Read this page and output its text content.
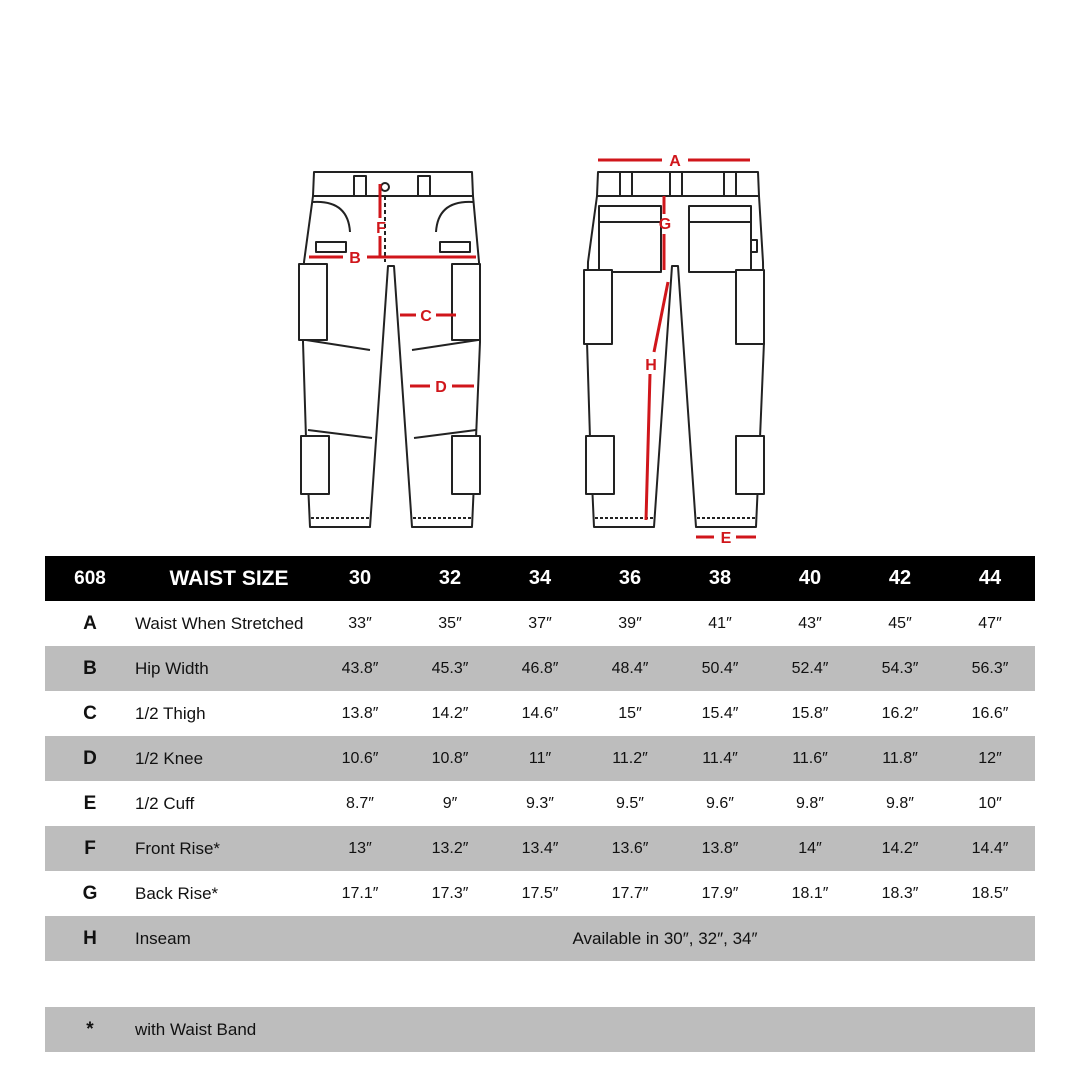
B
F
C
D
A
G
H
E
608	WAIST SIZE	30	32	34	36	38	40	42	44
A	Waist When Stretched	33″	35″	37″	39″	41″	43″	45″	47″
B	Hip Width	43.8″	45.3″	46.8″	48.4″	50.4″	52.4″	54.3″	56.3″
C	1/2 Thigh	13.8″	14.2″	14.6″	15″	15.4″	15.8″	16.2″	16.6″
D	1/2 Knee	10.6″	10.8″	11″	11.2″	11.4″	11.6″	11.8″	12″
E	1/2 Cuff	8.7″	9″	9.3″	9.5″	9.6″	9.8″	9.8″	10″
F	Front Rise*	13″	13.2″	13.4″	13.6″	13.8″	14″	14.2″	14.4″
G	Back Rise*	17.1″	17.3″	17.5″	17.7″	17.9″	18.1″	18.3″	18.5″
H	Inseam	Available in 30″, 32″, 34″
*	with Waist Band
